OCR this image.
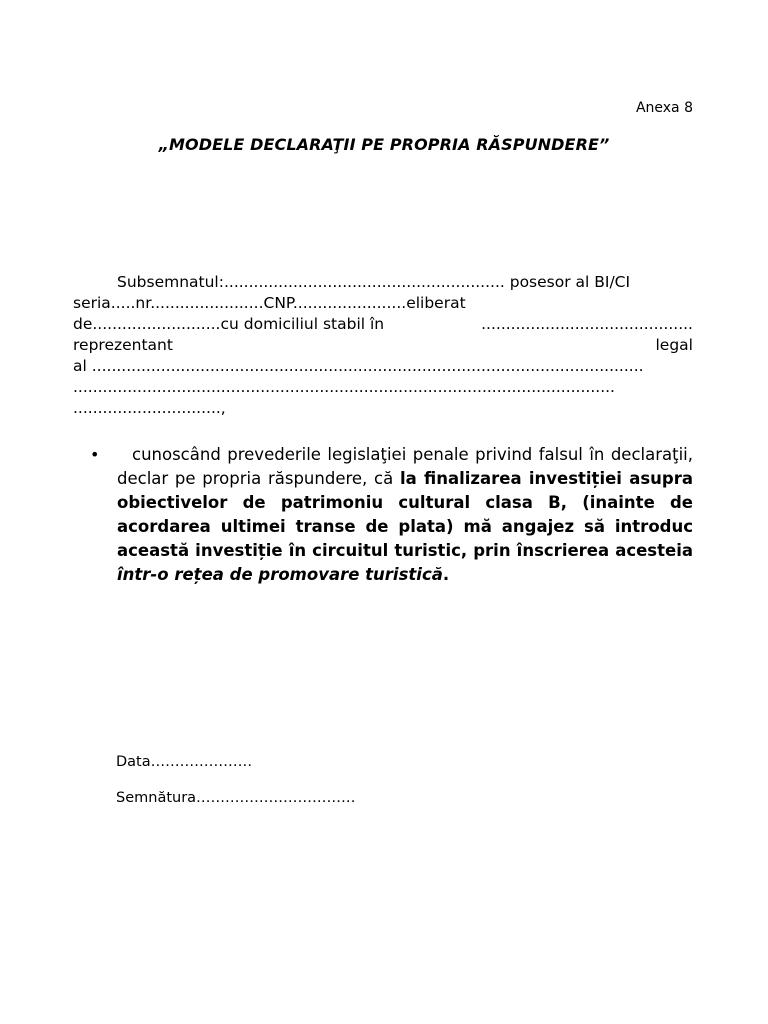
Anexa 8
„MODELE DECLARAŢII PE PROPRIA RĂSPUNDERE”
Subsemnatul:......................................................... posesor al BI/CI
seria.....nr.......................CNP.......................eliberat
de..........................cu domiciliul stabil în	...........................................
reprezentant	legal
al ................................................................................................................
..............................................................................................................
..............................,
•	cunoscând prevederile legislaţiei penale privind falsul în declaraţii, declar pe propria răspundere, că la finalizarea investiției asupra obiectivelor de patrimoniu cultural clasa B, (inainte de acordarea ultimei transe de plata) mă angajez să introduc această investiție în circuitul turistic, prin înscrierea acesteia într-o rețea de promovare turistică.
Data…………………
Semnătura……………………………
